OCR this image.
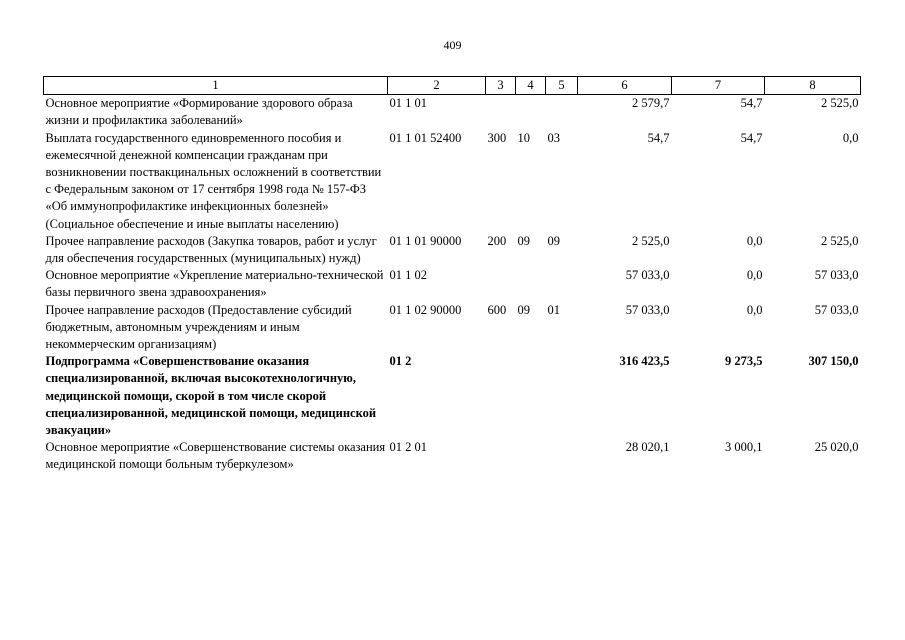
409
1	2	3	4	5	6	7	8
Основное мероприятие «Формирование здорового образа жизни и профилактика заболеваний»	01 1 01				2 579,7	54,7	2 525,0
Выплата государственного единовременного пособия и ежемесячной денежной компенсации гражданам при возникновении поствакцинальных осложнений в соответствии с Федеральным законом от 17 сентября 1998 года № 157-ФЗ «Об иммунопрофилактике инфекционных болезней» (Социальное обеспечение и иные выплаты населению)	01 1 01 52400	300	10	03	54,7	54,7	0,0
Прочее направление расходов (Закупка товаров, работ и услуг для обеспечения государственных (муниципальных) нужд)	01 1 01 90000	200	09	09	2 525,0	0,0	2 525,0
Основное мероприятие «Укрепление материально-технической базы первичного звена здравоохранения»	01 1 02				57 033,0	0,0	57 033,0
Прочее направление расходов (Предоставление субсидий бюджетным, автономным учреждениям и иным некоммерческим организациям)	01 1 02 90000	600	09	01	57 033,0	0,0	57 033,0
Подпрограмма «Совершенствование оказания специализированной, включая высокотехнологичную, медицинской помощи, скорой в том числе скорой специализированной, медицинской помощи, медицинской эвакуации»	01 2				316 423,5	9 273,5	307 150,0
Основное мероприятие «Совершенствование системы оказания медицинской помощи больным туберкулезом»	01 2 01				28 020,1	3 000,1	25 020,0
